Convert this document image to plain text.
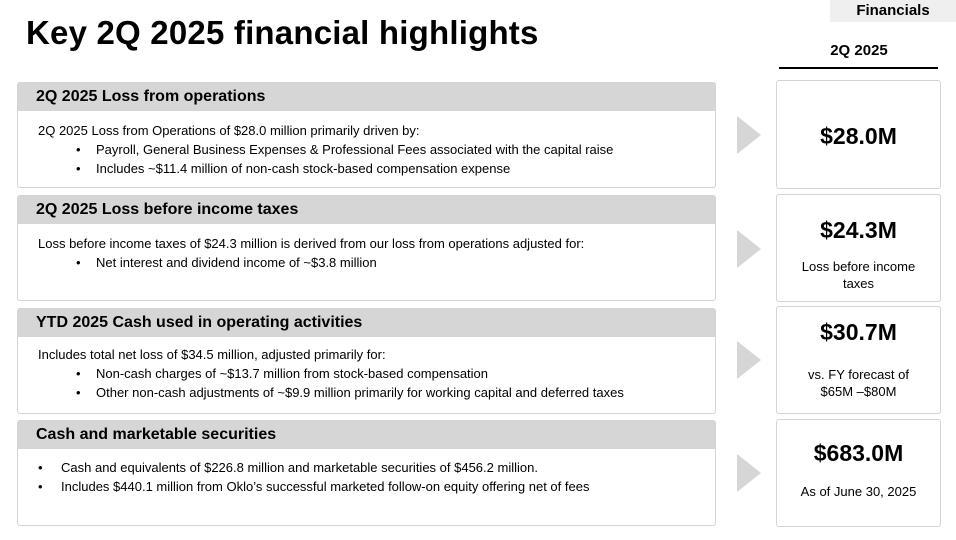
Financials
Key 2Q 2025 financial highlights	2Q 2025
2Q 2025 Loss from operations
2Q 2025 Loss from Operations of $28.0 million primarily driven by:
• Payroll, General Business Expenses & Professional Fees associated with the capital raise
• Includes ~$11.4 million of non-cash stock-based compensation expense
$28.0M
2Q 2025 Loss before income taxes
Loss before income taxes of $24.3 million is derived from our loss from operations adjusted for:
• Net interest and dividend income of ~$3.8 million
$24.3M
Loss before income taxes
YTD 2025 Cash used in operating activities
Includes total net loss of $34.5 million, adjusted primarily for:
• Non-cash charges of ~$13.7 million from stock-based compensation
• Other non-cash adjustments of ~$9.9 million primarily for working capital and deferred taxes
$30.7M
vs. FY forecast of $65M –$80M
Cash and marketable securities
• Cash and equivalents of $226.8 million and marketable securities of $456.2 million.
• Includes $440.1 million from Oklo’s successful marketed follow-on equity offering net of fees
$683.0M
As of June 30, 2025
